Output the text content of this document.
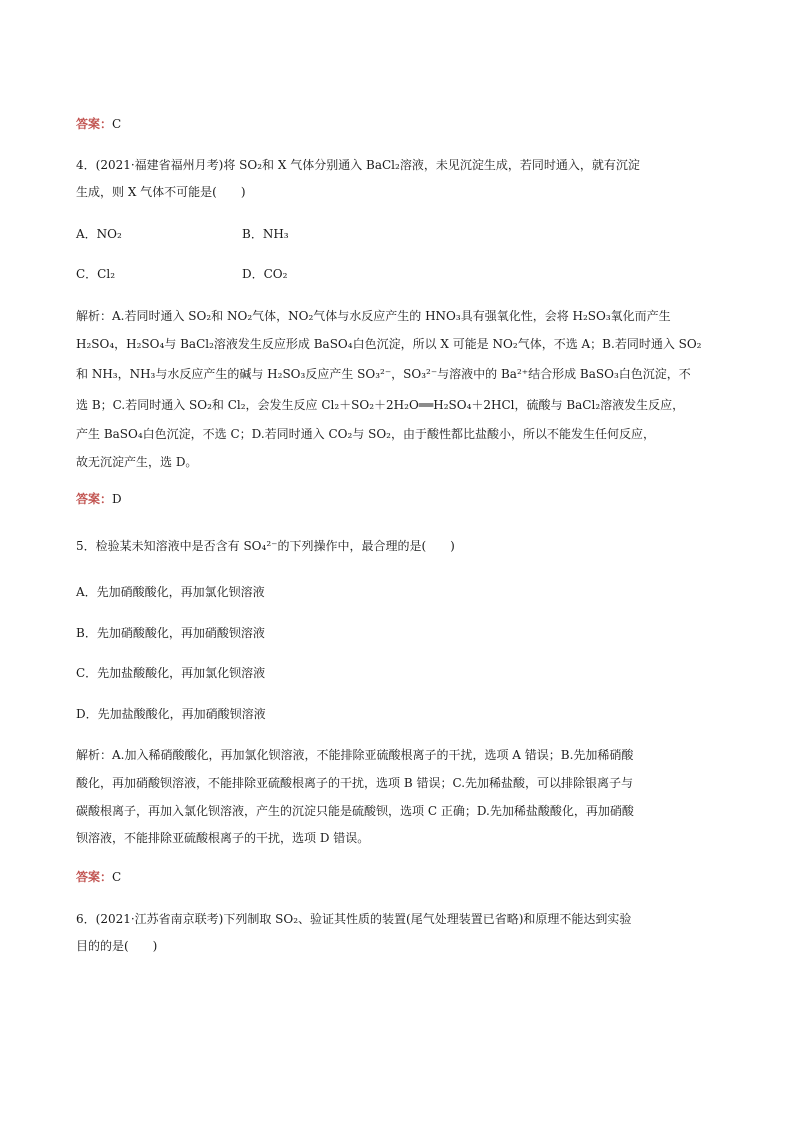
答案：C
4．(2021·福建省福州月考)将 SO₂和 X 气体分别通入 BaCl₂溶液，未见沉淀生成，若同时通入，就有沉淀
生成，则 X 气体不可能是(　　)
A．NO₂	B．NH₃
C．Cl₂	D．CO₂
解析：A.若同时通入 SO₂和 NO₂气体，NO₂气体与水反应产生的 HNO₃具有强氧化性，会将 H₂SO₃氧化而产生
H₂SO₄，H₂SO₄与 BaCl₂溶液发生反应形成 BaSO₄白色沉淀，所以 X 可能是 NO₂气体，不选 A；B.若同时通入 SO₂
和 NH₃，NH₃与水反应产生的碱与 H₂SO₃反应产生 SO₃²⁻，SO₃²⁻与溶液中的 Ba²⁺结合形成 BaSO₃白色沉淀，不
选 B；C.若同时通入 SO₂和 Cl₂，会发生反应 Cl₂＋SO₂＋2H₂O══H₂SO₄＋2HCl，硫酸与 BaCl₂溶液发生反应，
产生 BaSO₄白色沉淀，不选 C；D.若同时通入 CO₂与 SO₂，由于酸性都比盐酸小，所以不能发生任何反应，
故无沉淀产生，选 D。
答案：D
5．检验某未知溶液中是否含有 SO₄²⁻的下列操作中，最合理的是(　　)
A．先加硝酸酸化，再加氯化钡溶液
B．先加硝酸酸化，再加硝酸钡溶液
C．先加盐酸酸化，再加氯化钡溶液
D．先加盐酸酸化，再加硝酸钡溶液
解析：A.加入稀硝酸酸化，再加氯化钡溶液，不能排除亚硫酸根离子的干扰，选项 A 错误；B.先加稀硝酸
酸化，再加硝酸钡溶液，不能排除亚硫酸根离子的干扰，选项 B 错误；C.先加稀盐酸，可以排除银离子与
碳酸根离子，再加入氯化钡溶液，产生的沉淀只能是硫酸钡，选项 C 正确；D.先加稀盐酸酸化，再加硝酸
钡溶液，不能排除亚硫酸根离子的干扰，选项 D 错误。
答案：C
6．(2021·江苏省南京联考)下列制取 SO₂、验证其性质的装置(尾气处理装置已省略)和原理不能达到实验
目的的是(　　)
